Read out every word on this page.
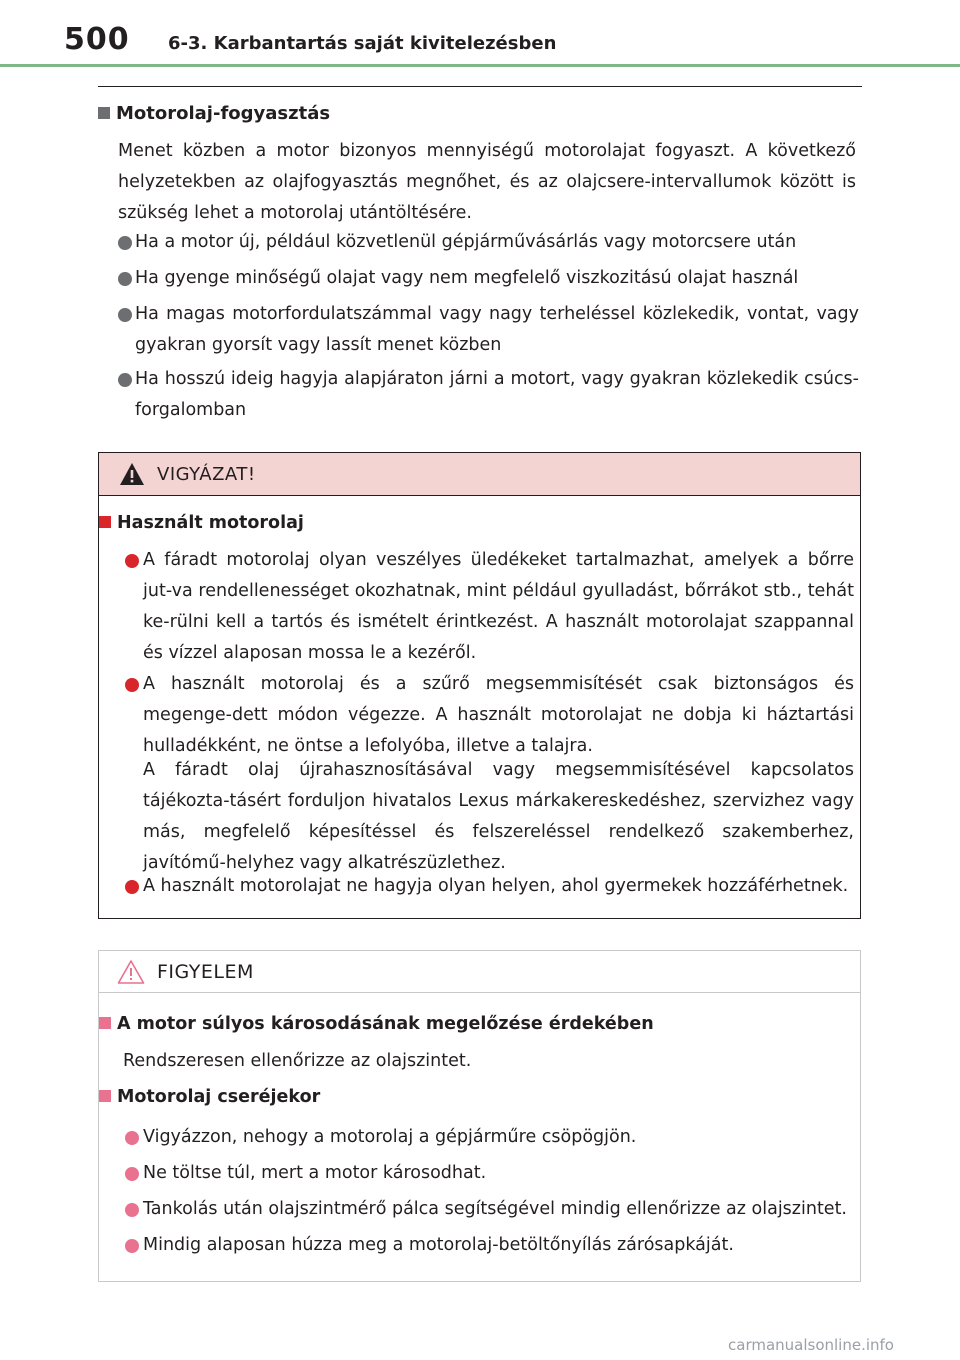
500 6-3. Karbantartás saját kivitelezésben
Motorolaj-fogyasztás
Menet közben a motor bizonyos mennyiségű motorolajat fogyaszt. A következő helyzetekben az olajfogyasztás megnőhet, és az olajcsere-intervallumok között is szükség lehet a motorolaj utántöltésére.
Ha a motor új, például közvetlenül gépjárművásárlás vagy motorcsere után
Ha gyenge minőségű olajat vagy nem megfelelő viszkozitású olajat használ
Ha magas motorfordulatszámmal vagy nagy terheléssel közlekedik, vontat, vagy gyakran gyorsít vagy lassít menet közben
Ha hosszú ideig hagyja alapjáraton járni a motort, vagy gyakran közlekedik csúcs-forgalomban
VIGYÁZAT!
Használt motorolaj
A fáradt motorolaj olyan veszélyes üledékeket tartalmazhat, amelyek a bőrre jut-va rendellenességet okozhatnak, mint például gyulladást, bőrrákot stb., tehát ke-rülni kell a tartós és ismételt érintkezést. A használt motorolajat szappannal és vízzel alaposan mossa le a kezéről.
A használt motorolaj és a szűrő megsemmisítését csak biztonságos és megenge-dett módon végezze. A használt motorolajat ne dobja ki háztartási hulladékként, ne öntse a lefolyóba, illetve a talajra.
A fáradt olaj újrahasznosításával vagy megsemmisítésével kapcsolatos tájékozta-tásért forduljon hivatalos Lexus márkakereskedéshez, szervizhez vagy más, megfelelő képesítéssel és felszereléssel rendelkező szakemberhez, javítómű-helyhez vagy alkatrészüzlethez.
A használt motorolajat ne hagyja olyan helyen, ahol gyermekek hozzáférhetnek.
FIGYELEM
A motor súlyos károsodásának megelőzése érdekében
Rendszeresen ellenőrizze az olajszintet.
Motorolaj cseréjekor
Vigyázzon, nehogy a motorolaj a gépjárműre csöpögjön.
Ne töltse túl, mert a motor károsodhat.
Tankolás után olajszintmérő pálca segítségével mindig ellenőrizze az olajszintet.
Mindig alaposan húzza meg a motorolaj-betöltőnyílás zárósapkáját.
carmanualsonline.info
